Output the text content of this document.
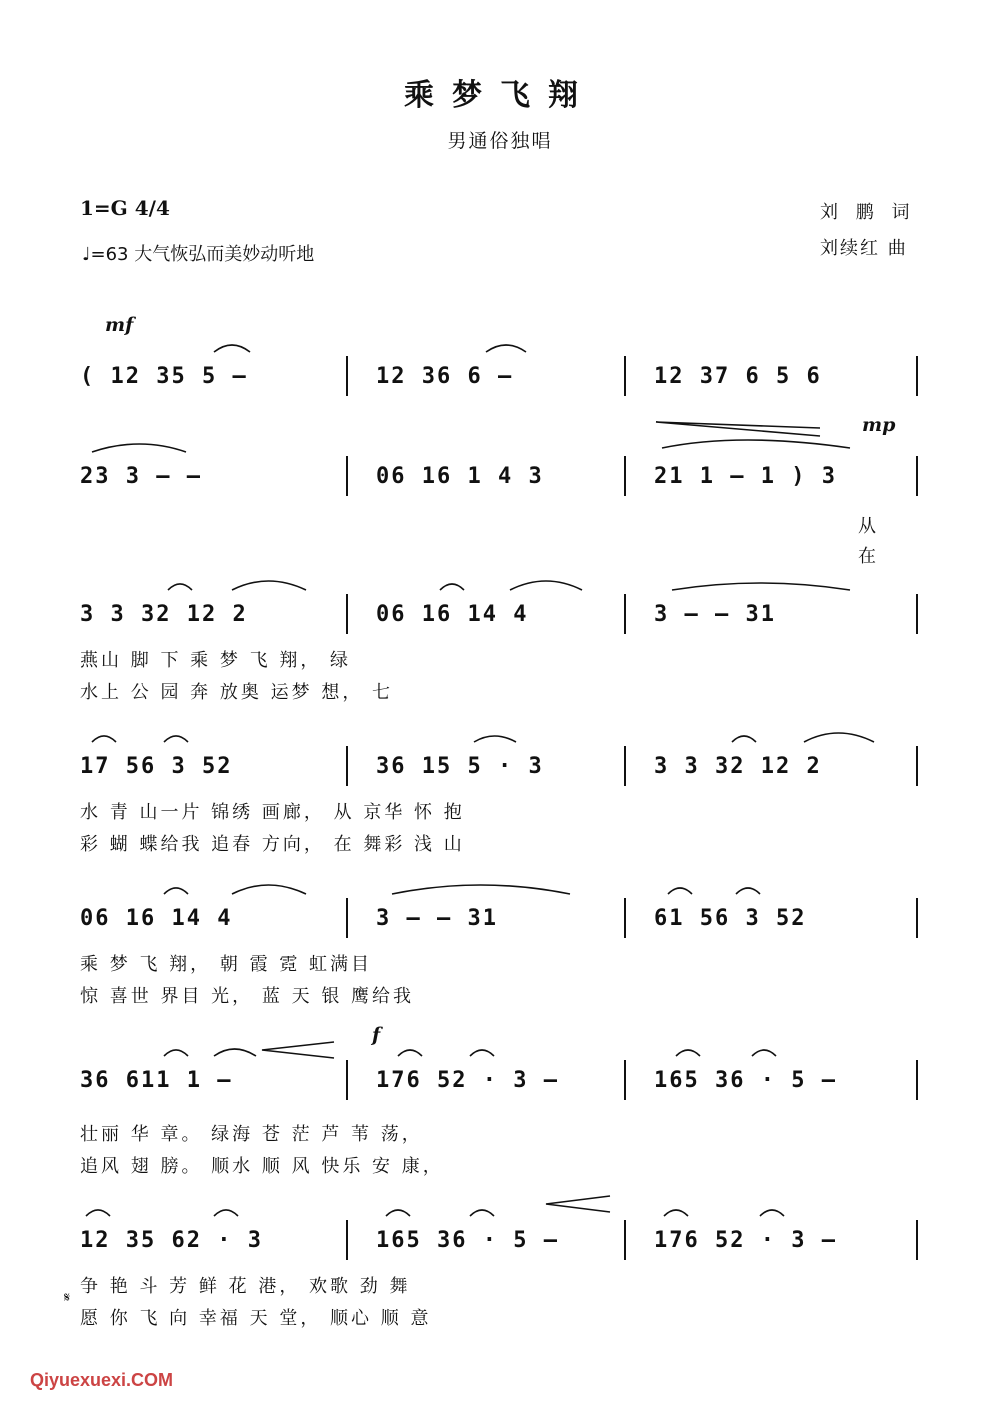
乘梦飞翔
男通俗独唱
1=G 4/4
♩=63 大气恢弘而美妙动听地
刘 鹏 词
刘续红 曲
mf
mp
f
( 12 35 5 –	12 36 6 –	12 37 6 5 6
23 3 – –	06 16 1 4 3	21 1 – 1 ) 3
从
在
3 3 32 12 2	06 16 14 4	3 – – 31
燕山 脚 下 乘 梦 飞 翔， 绿
水上 公 园 奔 放奥 运梦 想， 七
17 56 3 52	36 15 5 · 3	3 3 32 12 2
水 青 山一片 锦绣 画廊， 从 京华 怀 抱
彩 蝴 蝶给我 追春 方向， 在 舞彩 浅 山
06 16 14 4	3 – – 31	61 56 3 52
乘 梦 飞 翔， 朝 霞 霓 虹满目
惊 喜世 界目 光， 蓝 天 银 鹰给我
36 611 1 –	176 52 · 3 –	165 36 · 5 –
壮丽 华 章。 绿海 苍 茫 芦 苇 荡，
追风 翅 膀。 顺水 顺 风 快乐 安 康，
12 35 62 · 3	165 36 · 5 –	176 52 · 3 –
𝄋
争 艳 斗 芳 鲜 花 港， 欢歌 劲 舞
愿 你 飞 向 幸福 天 堂， 顺心 顺 意
Qiyuexuexi.COM
